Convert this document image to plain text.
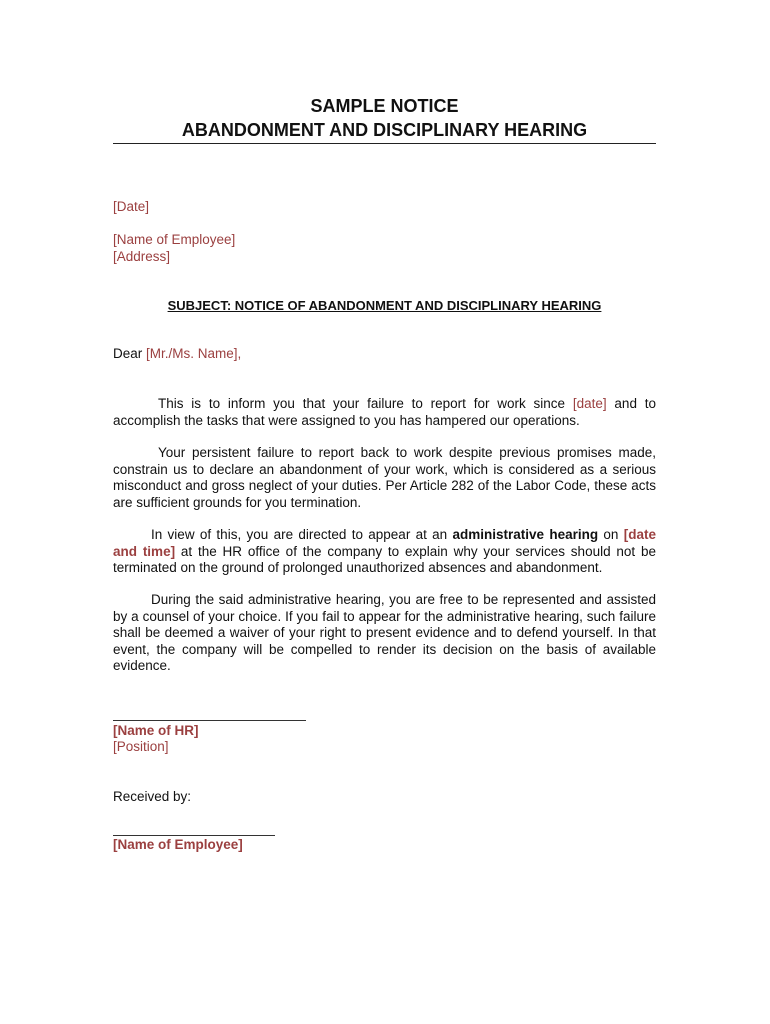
SAMPLE NOTICE
ABANDONMENT AND DISCIPLINARY HEARING
[Date]
[Name of Employee]
[Address]
SUBJECT: NOTICE OF ABANDONMENT AND DISCIPLINARY HEARING
Dear [Mr./Ms. Name],
This is to inform you that your failure to report for work since [date] and to accomplish the tasks that were assigned to you has hampered our operations.
Your persistent failure to report back to work despite previous promises made, constrain us to declare an abandonment of your work, which is considered as a serious misconduct and gross neglect of your duties. Per Article 282 of the Labor Code, these acts are sufficient grounds for you termination.
In view of this, you are directed to appear at an administrative hearing on [date and time] at the HR office of the company to explain why your services should not be terminated on the ground of prolonged unauthorized absences and abandonment.
During the said administrative hearing, you are free to be represented and assisted by a counsel of your choice. If you fail to appear for the administrative hearing, such failure shall be deemed a waiver of your right to present evidence and to defend yourself. In that event, the company will be compelled to render its decision on the basis of available evidence.
[Name of HR]
[Position]
Received by:
[Name of Employee]
